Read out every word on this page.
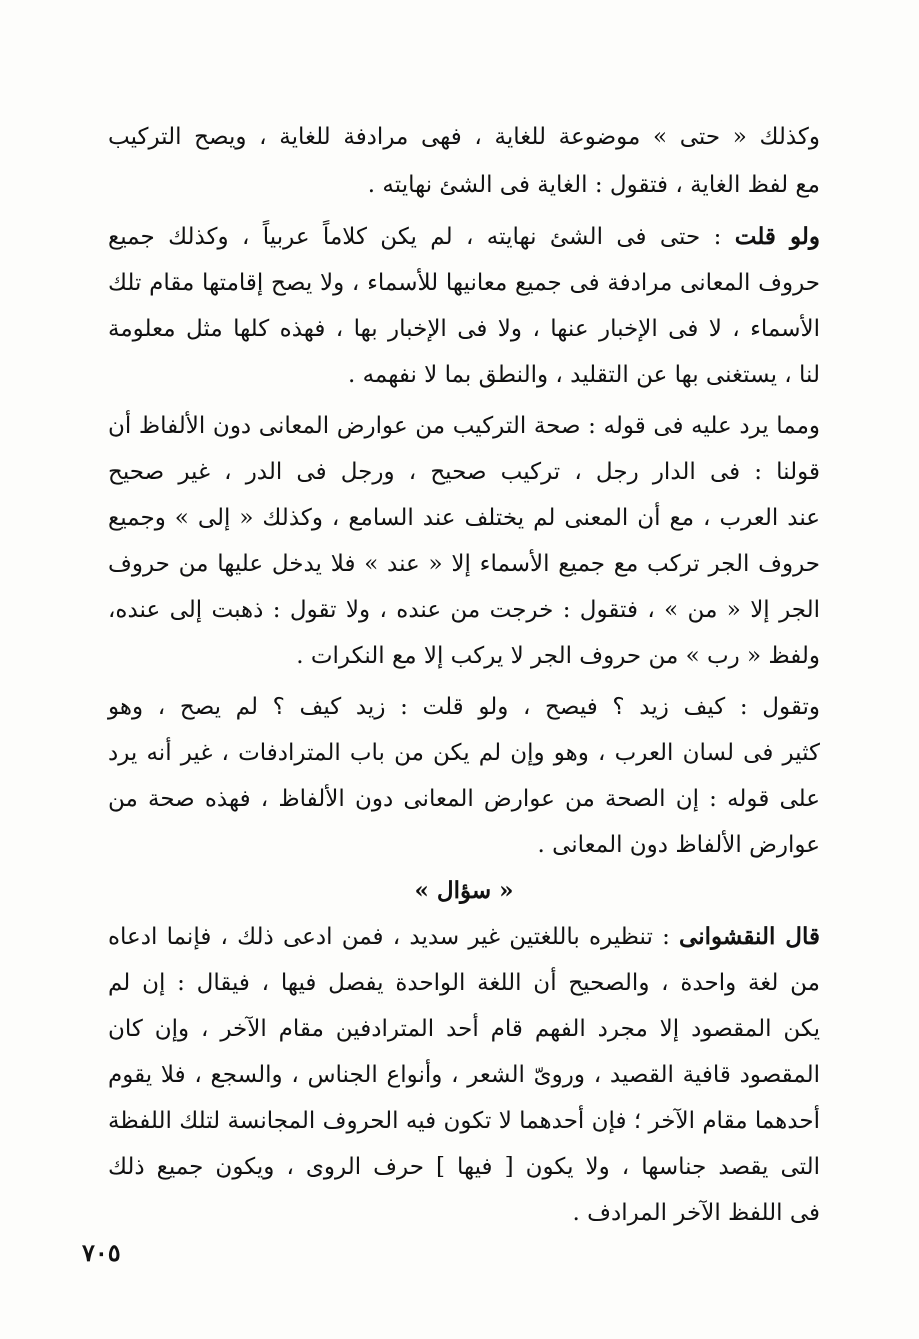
وكذلك « حتى » موضوعة للغاية ، فهى مرادفة للغاية ، ويصح التركيب
مع لفظ الغاية ، فتقول : الغاية فى الشئ نهايته .
ولو قلت : حتى فى الشئ نهايته ، لم يكن كلاماً عربياً ، وكذلك جميع
حروف المعانى مرادفة فى جميع معانيها للأسماء ، ولا يصح إقامتها مقام تلك
الأسماء ، لا فى الإخبار عنها ، ولا فى الإخبار بها ، فهذه كلها مثل معلومة
لنا ، يستغنى بها عن التقليد ، والنطق بما لا نفهمه .
ومما يرد عليه فى قوله : صحة التركيب من عوارض المعانى دون الألفاظ أن
قولنا : فى الدار رجل ، تركيب صحيح ، ورجل فى الدر ، غير صحيح
عند العرب ، مع أن المعنى لم يختلف عند السامع ، وكذلك « إلى » وجميع
حروف الجر تركب مع جميع الأسماء إلا « عند » فلا يدخل عليها من حروف
الجر إلا « من » ، فتقول : خرجت من عنده ، ولا تقول : ذهبت إلى عنده،
ولفظ « رب » من حروف الجر لا يركب إلا مع النكرات .
وتقول : كيف زيد ؟ فيصح ، ولو قلت : زيد كيف ؟ لم يصح ، وهو
كثير فى لسان العرب ، وهو وإن لم يكن من باب المترادفات ، غير أنه يرد
على قوله : إن الصحة من عوارض المعانى دون الألفاظ ، فهذه صحة من
عوارض الألفاظ دون المعانى .
« سؤال »
قال النقشوانى : تنظيره باللغتين غير سديد ، فمن ادعى ذلك ، فإنما ادعاه
من لغة واحدة ، والصحيح أن اللغة الواحدة يفصل فيها ، فيقال : إن لم
يكن المقصود إلا مجرد الفهم قام أحد المترادفين مقام الآخر ، وإن كان
المقصود قافية القصيد ، وروىّ الشعر ، وأنواع الجناس ، والسجع ، فلا يقوم
أحدهما مقام الآخر ؛ فإن أحدهما لا تكون فيه الحروف المجانسة لتلك اللفظة
التى يقصد جناسها ، ولا يكون [ فيها ] حرف الروى ، ويكون جميع ذلك
فى اللفظ الآخر المرادف .
٧٠٥
